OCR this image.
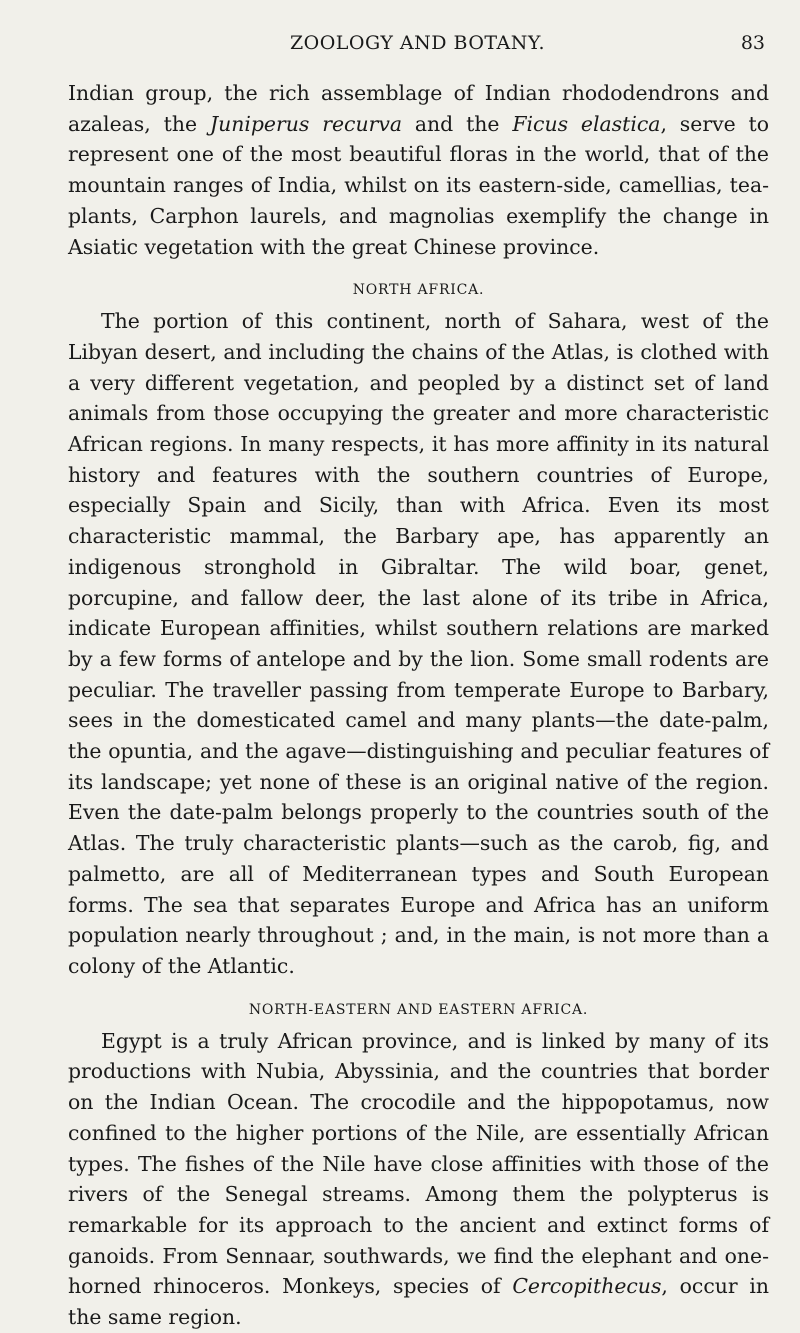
ZOOLOGY AND BOTANY.	83

Indian group, the rich assemblage of Indian rhododendrons and azaleas, the Juniperus recurva and the Ficus elastica, serve to represent one of the most beautiful floras in the world, that of the mountain ranges of India, whilst on its eastern-side, camellias, tea-plants, Carphon laurels, and magnolias exemplify the change in Asiatic vegetation with the great Chinese province.

NORTH AFRICA.

The portion of this continent, north of Sahara, west of the Libyan desert, and including the chains of the Atlas, is clothed with a very different vegetation, and peopled by a distinct set of land animals from those occupying the greater and more characteristic African regions. In many respects, it has more affinity in its natural history and features with the southern countries of Europe, especially Spain and Sicily, than with Africa. Even its most characteristic mammal, the Barbary ape, has apparently an indigenous stronghold in Gibraltar. The wild boar, genet, porcupine, and fallow deer, the last alone of its tribe in Africa, indicate European affinities, whilst southern relations are marked by a few forms of antelope and by the lion. Some small rodents are peculiar. The traveller passing from temperate Europe to Barbary, sees in the domesticated camel and many plants—the date-palm, the opuntia, and the agave—distinguishing and peculiar features of its landscape; yet none of these is an original native of the region. Even the date-palm belongs properly to the countries south of the Atlas. The truly characteristic plants—such as the carob, fig, and palmetto, are all of Mediterranean types and South European forms. The sea that separates Europe and Africa has an uniform population nearly throughout ; and, in the main, is not more than a colony of the Atlantic.

NORTH-EASTERN AND EASTERN AFRICA.

Egypt is a truly African province, and is linked by many of its productions with Nubia, Abyssinia, and the countries that border on the Indian Ocean. The crocodile and the hippopotamus, now confined to the higher portions of the Nile, are essentially African types. The fishes of the Nile have close affinities with those of the rivers of the Senegal streams. Among them the polypterus is remarkable for its approach to the ancient and extinct forms of ganoids. From Sennaar, southwards, we find the elephant and one-horned rhinoceros. Monkeys, species of Cercopithecus, occur in the same region.
